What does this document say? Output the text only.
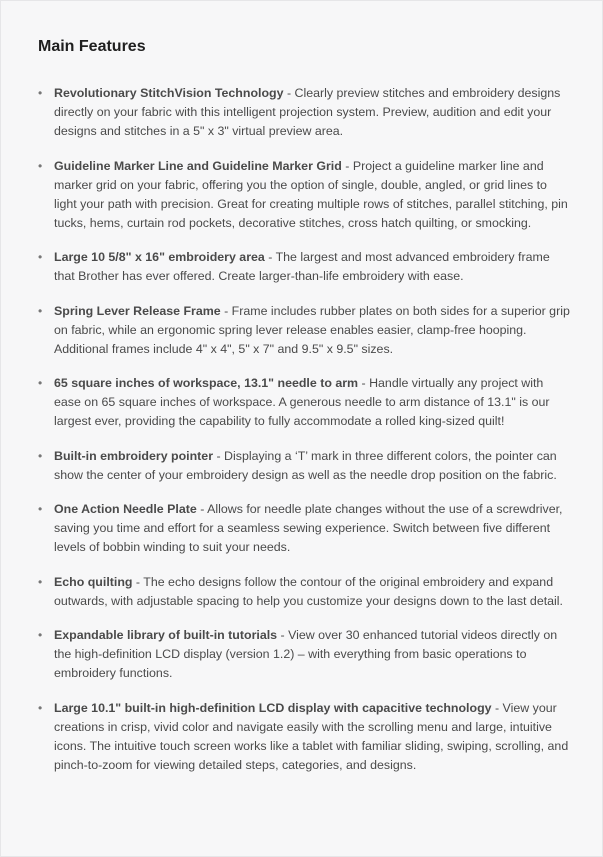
Main Features
• Revolutionary StitchVision Technology - Clearly preview stitches and embroidery designs directly on your fabric with this intelligent projection system. Preview, audition and edit your designs and stitches in a 5" x 3" virtual preview area.
• Guideline Marker Line and Guideline Marker Grid - Project a guideline marker line and marker grid on your fabric, offering you the option of single, double, angled, or grid lines to light your path with precision. Great for creating multiple rows of stitches, parallel stitching, pin tucks, hems, curtain rod pockets, decorative stitches, cross hatch quilting, or smocking.
• Large 10 5/8" x 16" embroidery area - The largest and most advanced embroidery frame that Brother has ever offered. Create larger-than-life embroidery with ease.
• Spring Lever Release Frame - Frame includes rubber plates on both sides for a superior grip on fabric, while an ergonomic spring lever release enables easier, clamp-free hooping. Additional frames include 4" x 4", 5" x 7" and 9.5" x 9.5" sizes.
• 65 square inches of workspace, 13.1" needle to arm - Handle virtually any project with ease on 65 square inches of workspace. A generous needle to arm distance of 13.1" is our largest ever, providing the capability to fully accommodate a rolled king-sized quilt!
• Built-in embroidery pointer - Displaying a ‘T’ mark in three different colors, the pointer can show the center of your embroidery design as well as the needle drop position on the fabric.
• One Action Needle Plate - Allows for needle plate changes without the use of a screwdriver, saving you time and effort for a seamless sewing experience. Switch between five different levels of bobbin winding to suit your needs.
• Echo quilting - The echo designs follow the contour of the original embroidery and expand outwards, with adjustable spacing to help you customize your designs down to the last detail.
• Expandable library of built-in tutorials - View over 30 enhanced tutorial videos directly on the high-definition LCD display (version 1.2) – with everything from basic operations to embroidery functions.
• Large 10.1" built-in high-definition LCD display with capacitive technology - View your creations in crisp, vivid color and navigate easily with the scrolling menu and large, intuitive icons. The intuitive touch screen works like a tablet with familiar sliding, swiping, scrolling, and pinch-to-zoom for viewing detailed steps, categories, and designs.
